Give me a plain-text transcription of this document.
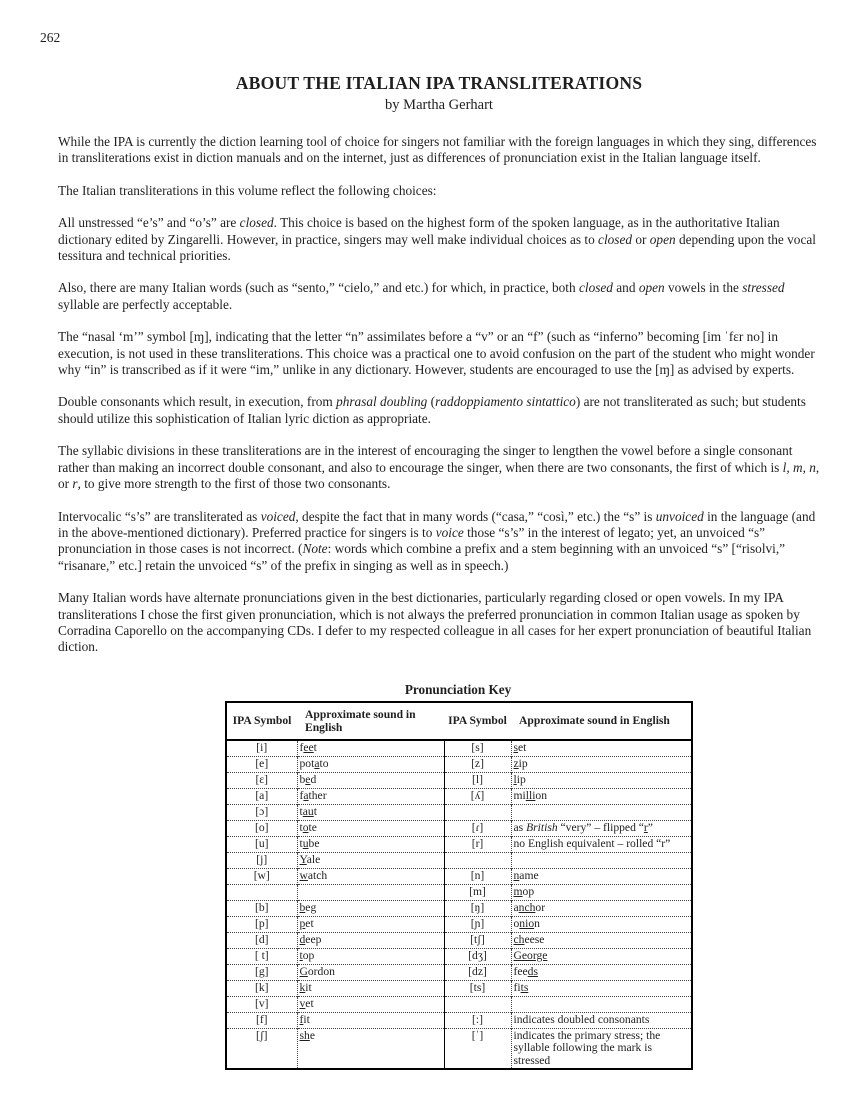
262
ABOUT THE ITALIAN IPA TRANSLITERATIONS
by Martha Gerhart

While the IPA is currently the diction learning tool of choice for singers not familiar with the foreign languages in which they sing, differences in transliterations exist in diction manuals and on the internet, just as differences of pronunciation exist in the Italian language itself.

The Italian transliterations in this volume reflect the following choices:

All unstressed “e’s” and “o’s” are closed. This choice is based on the highest form of the spoken language, as in the authoritative Italian dictionary edited by Zingarelli. However, in practice, singers may well make individual choices as to closed or open depending upon the vocal tessitura and technical priorities.

Also, there are many Italian words (such as “sento,” “cielo,” and etc.) for which, in practice, both closed and open vowels in the stressed syllable are perfectly acceptable.

The “nasal ‘m’” symbol [ɱ], indicating that the letter “n” assimilates before a “v” or an “f” (such as “inferno” becoming [im ˈfɛr no] in execution, is not used in these transliterations. This choice was a practical one to avoid confusion on the part of the student who might wonder why “in” is transcribed as if it were “im,” unlike in any dictionary. However, students are encouraged to use the [ɱ] as advised by experts.

Double consonants which result, in execution, from phrasal doubling (raddoppiamento sintattico) are not transliterated as such; but students should utilize this sophistication of Italian lyric diction as appropriate.

The syllabic divisions in these transliterations are in the interest of encouraging the singer to lengthen the vowel before a single consonant rather than making an incorrect double consonant, and also to encourage the singer, when there are two consonants, the first of which is l, m, n, or r, to give more strength to the first of those two consonants.

Intervocalic “s’s” are transliterated as voiced, despite the fact that in many words (“casa,” “così,” etc.) the “s” is unvoiced in the language (and in the above-mentioned dictionary). Preferred practice for singers is to voice those “s’s” in the interest of legato; yet, an unvoiced “s” pronunciation in those cases is not incorrect. (Note: words which combine a prefix and a stem beginning with an unvoiced “s” [“risolvi,” “risanare,” etc.] retain the unvoiced “s” of the prefix in singing as well as in speech.)

Many Italian words have alternate pronunciations given in the best dictionaries, particularly regarding closed or open vowels. In my IPA transliterations I chose the first given pronunciation, which is not always the preferred pronunciation in common Italian usage as spoken by Corradina Caporello on the accompanying CDs. I defer to my respected colleague in all cases for her expert pronunciation of beautiful Italian diction.

Pronunciation Key
IPA Symbol	Approximate sound in English	IPA Symbol	Approximate sound in English
[i]	feet	[s]	set
[e]	potato	[z]	zip
[ɛ]	bed	[l]	lip
[a]	father	[ʎ]	million
[ɔ]	taut		
[o]	tote	[ɾ]	as British “very” – flipped “r”
[u]	tube	[r]	no English equivalent – rolled “r”
[j]	Yale		
[w]	watch	[n]	name
		[m]	mop
[b]	beg	[ŋ]	anchor
[p]	pet	[ɲ]	onion
[d]	deep	[tʃ]	cheese
[ t]	top	[dʒ]	George
[g]	Gordon	[dz]	feeds
[k]	kit	[ts]	fits
[v]	vet		
[f]	fit	[:]	indicates doubled consonants
[ʃ]	she	[ˈ]	indicates the primary stress; the syllable following the mark is stressed
